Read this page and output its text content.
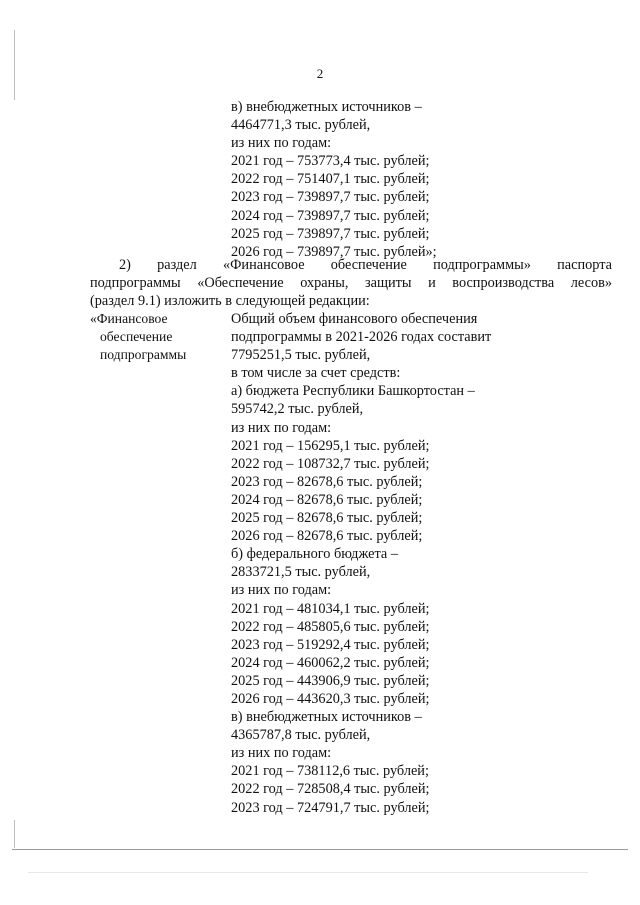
2
в) внебюджетных источников –
4464771,3 тыс. рублей,
из них по годам:
2021 год – 753773,4 тыс. рублей;
2022 год – 751407,1 тыс. рублей;
2023 год – 739897,7 тыс. рублей;
2024 год – 739897,7 тыс. рублей;
2025 год – 739897,7 тыс. рублей;
2026 год – 739897,7 тыс. рублей»;
2) раздел «Финансовое обеспечение подпрограммы» паспорта
подпрограммы «Обеспечение охраны, защиты и воспроизводства лесов»
(раздел 9.1) изложить в следующей редакции:
«Финансовое
обеспечение
подпрограммы
Общий объем финансового обеспечения
подпрограммы в 2021-2026 годах составит
7795251,5 тыс. рублей,
в том числе за счет средств:
а) бюджета Республики Башкортостан –
595742,2 тыс. рублей,
из них по годам:
2021 год – 156295,1 тыс. рублей;
2022 год – 108732,7 тыс. рублей;
2023 год – 82678,6 тыс. рублей;
2024 год – 82678,6 тыс. рублей;
2025 год – 82678,6 тыс. рублей;
2026 год – 82678,6 тыс. рублей;
б) федерального бюджета –
2833721,5 тыс. рублей,
из них по годам:
2021 год – 481034,1 тыс. рублей;
2022 год – 485805,6 тыс. рублей;
2023 год – 519292,4 тыс. рублей;
2024 год – 460062,2 тыс. рублей;
2025 год – 443906,9 тыс. рублей;
2026 год – 443620,3 тыс. рублей;
в) внебюджетных источников –
4365787,8 тыс. рублей,
из них по годам:
2021 год – 738112,6 тыс. рублей;
2022 год – 728508,4 тыс. рублей;
2023 год – 724791,7 тыс. рублей;
